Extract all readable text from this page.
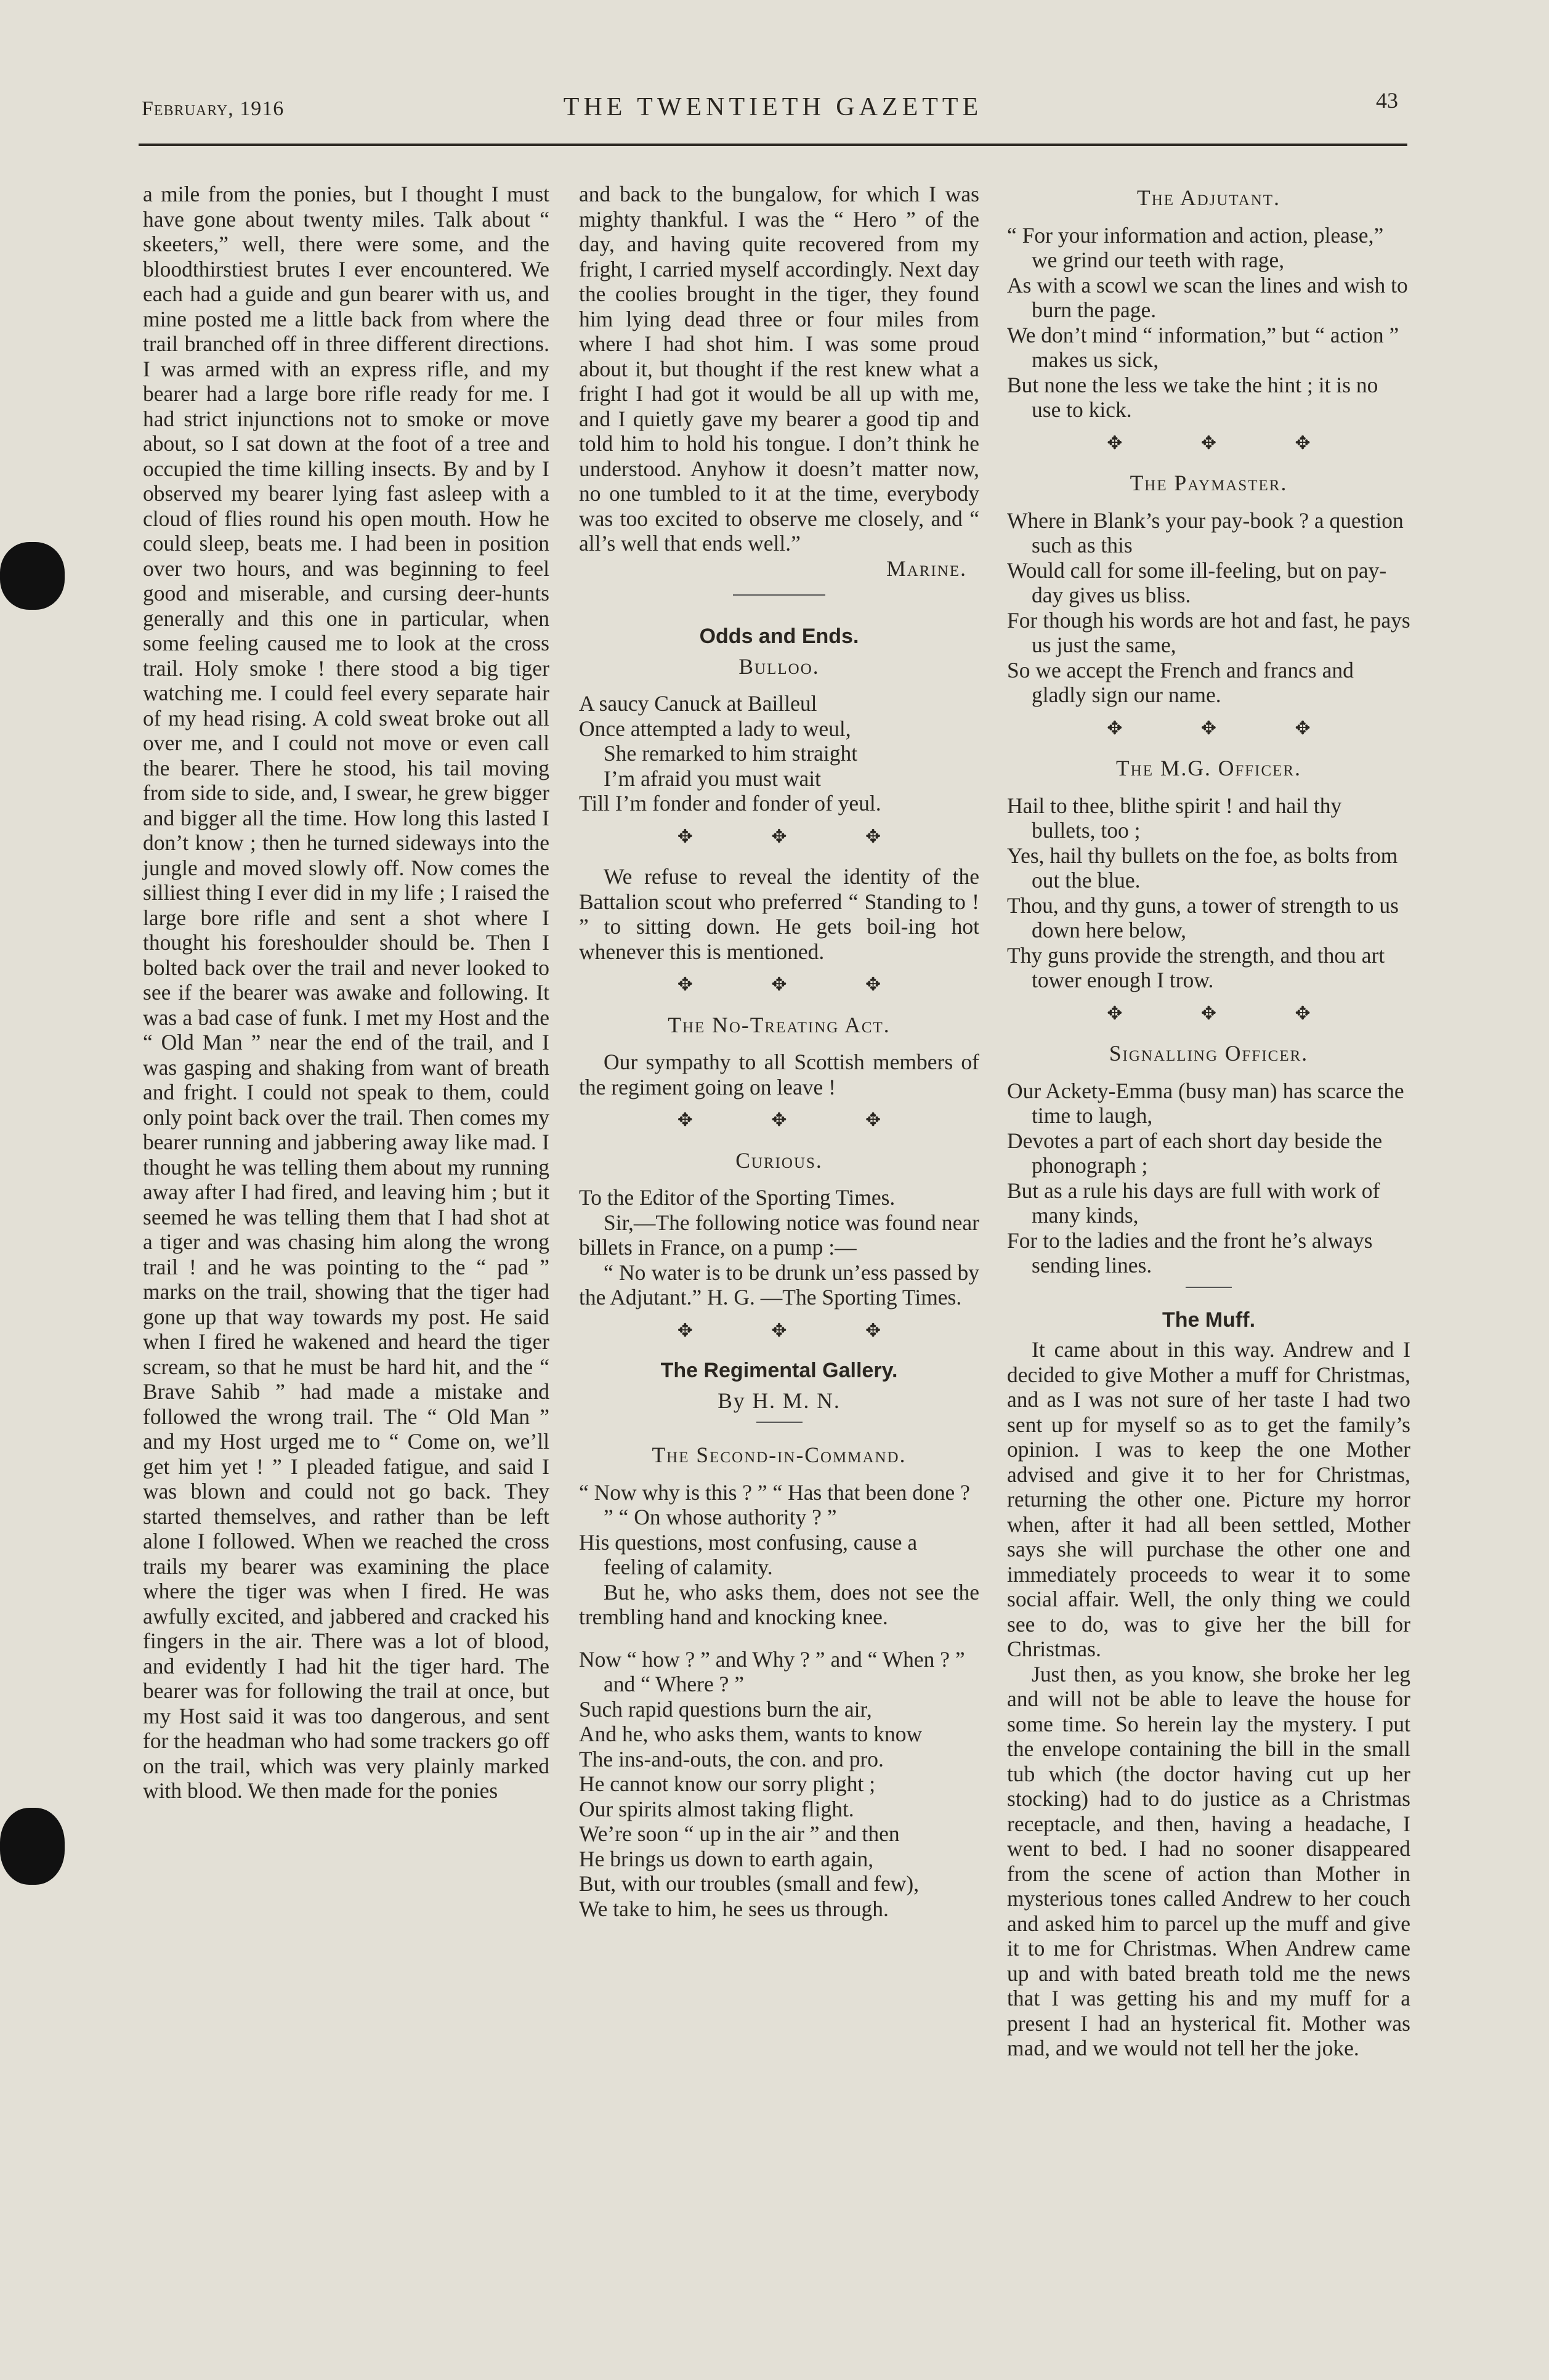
February, 1916	THE TWENTIETH GAZETTE	43

a mile from the ponies, but I thought I must have gone about twenty miles. Talk about “ skeeters,” well, there were some, and the bloodthirstiest brutes I ever encountered. We each had a guide and gun bearer with us, and mine posted me a little back from where the trail branched off in three different directions. I was armed with an express rifle, and my bearer had a large bore rifle ready for me. I had strict injunctions not to smoke or move about, so I sat down at the foot of a tree and occupied the time killing insects. By and by I observed my bearer lying fast asleep with a cloud of flies round his open mouth. How he could sleep, beats me. I had been in position over two hours, and was beginning to feel good and miserable, and cursing deer-hunts generally and this one in particular, when some feeling caused me to look at the cross trail. Holy smoke ! there stood a big tiger watching me. I could feel every separate hair of my head rising. A cold sweat broke out all over me, and I could not move or even call the bearer. There he stood, his tail moving from side to side, and, I swear, he grew bigger and bigger all the time. How long this lasted I don’t know ; then he turned sideways into the jungle and moved slowly off. Now comes the silliest thing I ever did in my life ; I raised the large bore rifle and sent a shot where I thought his foreshoulder should be. Then I bolted back over the trail and never looked to see if the bearer was awake and following. It was a bad case of funk. I met my Host and the “ Old Man ” near the end of the trail, and I was gasping and shaking from want of breath and fright. I could not speak to them, could only point back over the trail. Then comes my bearer running and jabbering away like mad. I thought he was telling them about my running away after I had fired, and leaving him ; but it seemed he was telling them that I had shot at a tiger and was chasing him along the wrong trail ! and he was pointing to the “ pad ” marks on the trail, showing that the tiger had gone up that way towards my post. He said when I fired he wakened and heard the tiger scream, so that he must be hard hit, and the “ Brave Sahib ” had made a mistake and followed the wrong trail. The “ Old Man ” and my Host urged me to “ Come on, we’ll get him yet ! ” I pleaded fatigue, and said I was blown and could not go back. They started themselves, and rather than be left alone I followed. When we reached the cross trails my bearer was examining the place where the tiger was when I fired. He was awfully excited, and jabbered and cracked his fingers in the air. There was a lot of blood, and evidently I had hit the tiger hard. The bearer was for following the trail at once, but my Host said it was too dangerous, and sent for the headman who had some trackers go off on the trail, which was very plainly marked with blood. We then made for the ponies

and back to the bungalow, for which I was mighty thankful. I was the “ Hero ” of the day, and having quite recovered from my fright, I carried myself accordingly. Next day the coolies brought in the tiger, they found him lying dead three or four miles from where I had shot him. I was some proud about it, but thought if the rest knew what a fright I had got it would be all up with me, and I quietly gave my bearer a good tip and told him to hold his tongue. I don’t think he understood. Anyhow it doesn’t matter now, no one tumbled to it at the time, everybody was too excited to observe me closely, and “ all’s well that ends well.”

Marine.

Odds and Ends.
Bulloo.

A saucy Canuck at Bailleul

Once attempted a lady to weul,

She remarked to him straight

I’m afraid you must wait

Till I’m fonder and fonder of yeul.

✥ ✥ ✥

We refuse to reveal the identity of the Battalion scout who preferred “ Standing to ! ” to sitting down. He gets boil-ing hot whenever this is mentioned.

✥ ✥ ✥
The No-Treating Act.

Our sympathy to all Scottish members of the regiment going on leave !

✥ ✥ ✥
Curious.

To the Editor of the Sporting Times.

Sir,—The following notice was found near billets in France, on a pump :—

“ No water is to be drunk un’ess passed by the Adjutant.” H. G. —The Sporting Times.

✥ ✥ ✥
The Regimental Gallery.
By H. M. N.
The Second-in-Command.

“ Now why is this ? ” “ Has that been done ? ” “ On whose authority ? ”

His questions, most confusing, cause a feeling of calamity.

But he, who asks them, does not see the trembling hand and knocking knee.

Now “ how ? ” and Why ? ” and “ When ? ” and “ Where ? ”

Such rapid questions burn the air,

And he, who asks them, wants to know

The ins-and-outs, the con. and pro.

He cannot know our sorry plight ;

Our spirits almost taking flight.

We’re soon “ up in the air ” and then

He brings us down to earth again,

But, with our troubles (small and few),

We take to him, he sees us through.

The Adjutant.

“ For your information and action, please,” we grind our teeth with rage,

As with a scowl we scan the lines and wish to burn the page.

We don’t mind “ information,” but “ action ” makes us sick,

But none the less we take the hint ; it is no use to kick.

✥ ✥ ✥
The Paymaster.

Where in Blank’s your pay-book ? a question such as this

Would call for some ill-feeling, but on pay-day gives us bliss.

For though his words are hot and fast, he pays us just the same,

So we accept the French and francs and gladly sign our name.

✥ ✥ ✥
The M.G. Officer.

Hail to thee, blithe spirit ! and hail thy bullets, too ;

Yes, hail thy bullets on the foe, as bolts from out the blue.

Thou, and thy guns, a tower of strength to us down here below,

Thy guns provide the strength, and thou art tower enough I trow.

✥ ✥ ✥
Signalling Officer.

Our Ackety-Emma (busy man) has scarce the time to laugh,

Devotes a part of each short day beside the phonograph ;

But as a rule his days are full with work of many kinds,

For to the ladies and the front he’s always sending lines.

The Muff.

It came about in this way. Andrew and I decided to give Mother a muff for Christmas, and as I was not sure of her taste I had two sent up for myself so as to get the family’s opinion. I was to keep the one Mother advised and give it to her for Christmas, returning the other one. Picture my horror when, after it had all been settled, Mother says she will purchase the other one and immediately proceeds to wear it to some social affair. Well, the only thing we could see to do, was to give her the bill for Christmas.

Just then, as you know, she broke her leg and will not be able to leave the house for some time. So herein lay the mystery. I put the envelope containing the bill in the small tub which (the doctor having cut up her stocking) had to do justice as a Christmas receptacle, and then, having a headache, I went to bed. I had no sooner disappeared from the scene of action than Mother in mysterious tones called Andrew to her couch and asked him to parcel up the muff and give it to me for Christmas. When Andrew came up and with bated breath told me the news that I was getting his and my muff for a present I had an hysterical fit. Mother was mad, and we would not tell her the joke.
